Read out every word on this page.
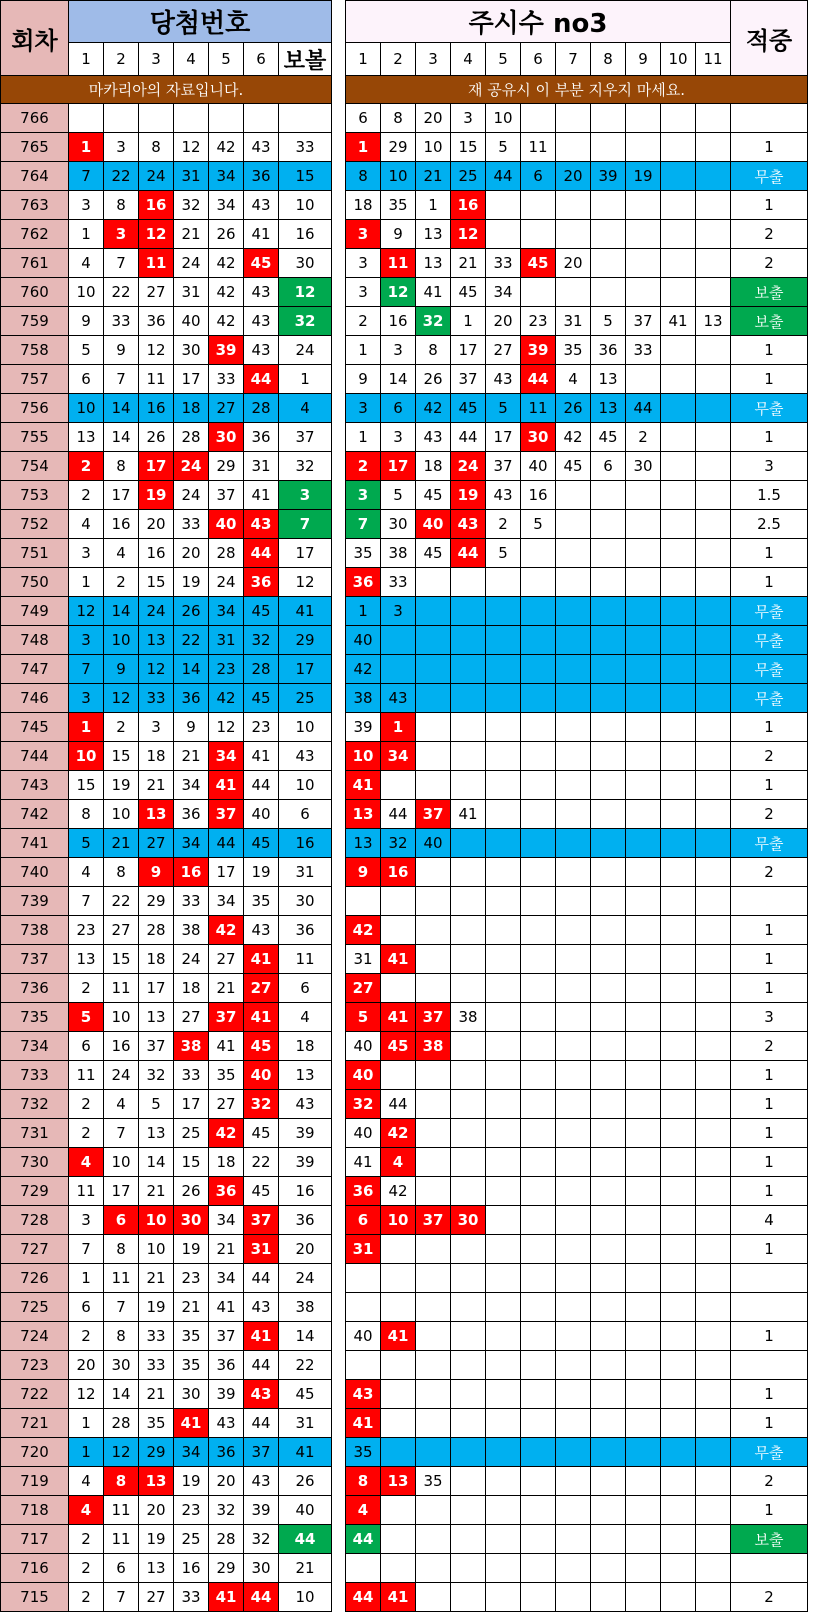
회차	당첨번호								주시수 no3											적중
	1	2	3	4	5	6	보볼		1	2	3	4	5	6	7	8	9	10	11	
마카리아의 자료입니다.									재 공유시 이 부분 지우지 마세요.											
766									6	8	20	3	10							
765	1	3	8	12	42	43	33		1	29	10	15	5	11						1
764	7	22	24	31	34	36	15		8	10	21	25	44	6	20	39	19			무출
763	3	8	16	32	34	43	10		18	35	1	16								1
762	1	3	12	21	26	41	16		3	9	13	12								2
761	4	7	11	24	42	45	30		3	11	13	21	33	45	20					2
760	10	22	27	31	42	43	12		3	12	41	45	34							보출
759	9	33	36	40	42	43	32		2	16	32	1	20	23	31	5	37	41	13	보출
758	5	9	12	30	39	43	24		1	3	8	17	27	39	35	36	33			1
757	6	7	11	17	33	44	1		9	14	26	37	43	44	4	13				1
756	10	14	16	18	27	28	4		3	6	42	45	5	11	26	13	44			무출
755	13	14	26	28	30	36	37		1	3	43	44	17	30	42	45	2			1
754	2	8	17	24	29	31	32		2	17	18	24	37	40	45	6	30			3
753	2	17	19	24	37	41	3		3	5	45	19	43	16						1.5
752	4	16	20	33	40	43	7		7	30	40	43	2	5						2.5
751	3	4	16	20	28	44	17		35	38	45	44	5							1
750	1	2	15	19	24	36	12		36	33										1
749	12	14	24	26	34	45	41		1	3										무출
748	3	10	13	22	31	32	29		40											무출
747	7	9	12	14	23	28	17		42											무출
746	3	12	33	36	42	45	25		38	43										무출
745	1	2	3	9	12	23	10		39	1										1
744	10	15	18	21	34	41	43		10	34										2
743	15	19	21	34	41	44	10		41											1
742	8	10	13	36	37	40	6		13	44	37	41								2
741	5	21	27	34	44	45	16		13	32	40									무출
740	4	8	9	16	17	19	31		9	16										2
739	7	22	29	33	34	35	30													
738	23	27	28	38	42	43	36		42											1
737	13	15	18	24	27	41	11		31	41										1
736	2	11	17	18	21	27	6		27											1
735	5	10	13	27	37	41	4		5	41	37	38								3
734	6	16	37	38	41	45	18		40	45	38									2
733	11	24	32	33	35	40	13		40											1
732	2	4	5	17	27	32	43		32	44										1
731	2	7	13	25	42	45	39		40	42										1
730	4	10	14	15	18	22	39		41	4										1
729	11	17	21	26	36	45	16		36	42										1
728	3	6	10	30	34	37	36		6	10	37	30								4
727	7	8	10	19	21	31	20		31											1
726	1	11	21	23	34	44	24													
725	6	7	19	21	41	43	38													
724	2	8	33	35	37	41	14		40	41										1
723	20	30	33	35	36	44	22													
722	12	14	21	30	39	43	45		43											1
721	1	28	35	41	43	44	31		41											1
720	1	12	29	34	36	37	41		35											무출
719	4	8	13	19	20	43	26		8	13	35									2
718	4	11	20	23	32	39	40		4											1
717	2	11	19	25	28	32	44		44											보출
716	2	6	13	16	29	30	21													
715	2	7	27	33	41	44	10		44	41										2
